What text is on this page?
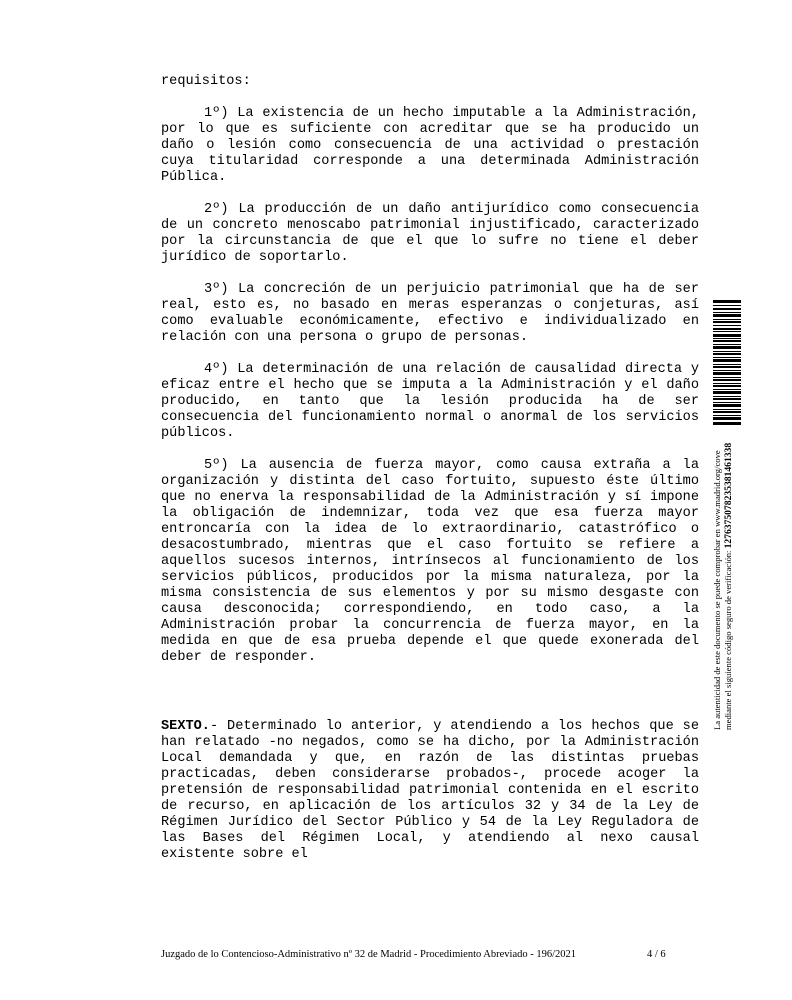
requisitos:

1º) La existencia de un hecho imputable a la Administración, por lo que es suficiente con acreditar que se ha producido un daño o lesión como consecuencia de una actividad o prestación cuya titularidad corresponde a una determinada Administración Pública.

2º) La producción de un daño antijurídico como consecuencia de un concreto menoscabo patrimonial injustificado, caracterizado por la circunstancia de que el que lo sufre no tiene el deber jurídico de soportarlo.

3º) La concreción de un perjuicio patrimonial que ha de ser real, esto es, no basado en meras esperanzas o conjeturas, así como evaluable económicamente, efectivo e individualizado en relación con una persona o grupo de personas.

4º) La determinación de una relación de causalidad directa y eficaz entre el hecho que se imputa a la Administración y el daño producido, en tanto que la lesión producida ha de ser consecuencia del funcionamiento normal o anormal de los servicios públicos.

5º) La ausencia de fuerza mayor, como causa extraña a la organización y distinta del caso fortuito, supuesto éste último que no enerva la responsabilidad de la Administración y sí impone la obligación de indemnizar, toda vez que esa fuerza mayor entroncaría con la idea de lo extraordinario, catastrófico o desacostumbrado, mientras que el caso fortuito se refiere a aquellos sucesos internos, intrínsecos al funcionamiento de los servicios públicos, producidos por la misma naturaleza, por la misma consistencia de sus elementos y por su mismo desgaste con causa desconocida; correspondiendo, en todo caso, a la Administración probar la concurrencia de fuerza mayor, en la medida en que de esa prueba depende el que quede exonerada del deber de responder.

SEXTO.- Determinado lo anterior, y atendiendo a los hechos que se han relatado -no negados, como se ha dicho, por la Administración Local demandada y que, en razón de las distintas pruebas practicadas, deben considerarse probados-, procede acoger la pretensión de responsabilidad patrimonial contenida en el escrito de recurso, en aplicación de los artículos 32 y 34 de la Ley de Régimen Jurídico del Sector Público y 54 de la Ley Reguladora de las Bases del Régimen Local, y atendiendo al nexo causal existente sobre el

La autenticidad de este documento se puede comprobar en www.madrid.org/cove mediante el siguiente código seguro de verificación: 1276375078235381461338
Juzgado de lo Contencioso-Administrativo nº 32 de Madrid - Procedimiento Abreviado - 196/2021	4 / 6
